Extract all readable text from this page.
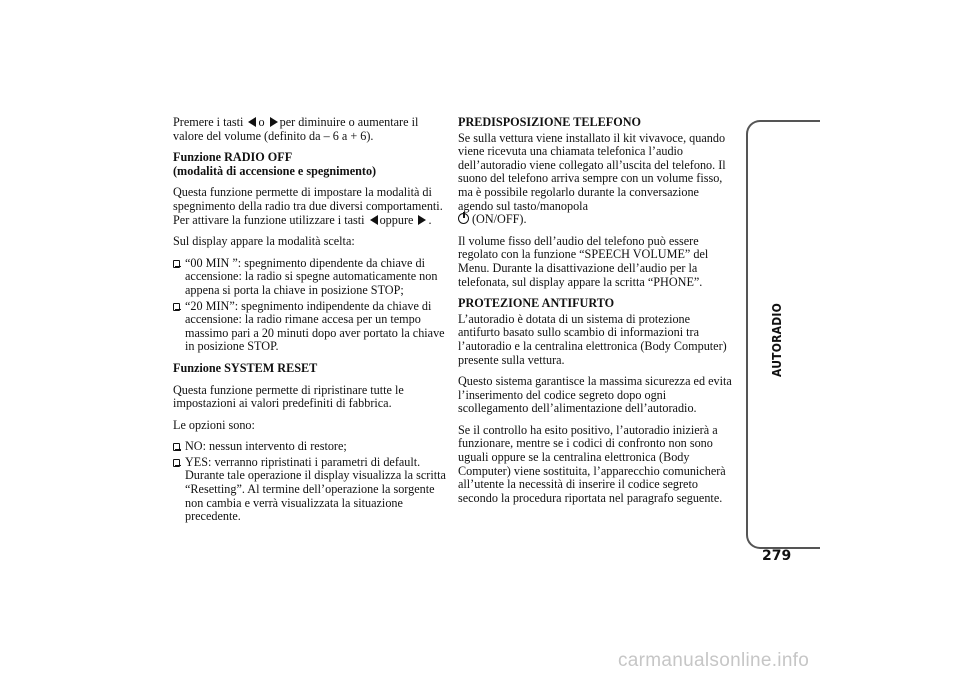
Premere i tasti o per diminuire o aumentare il valore del volume (definito da – 6 a + 6).

Funzione RADIO OFF
(modalità di accensione e spegnimento)

Questa funzione permette di impostare la modalità di spegnimento della radio tra due diversi comportamenti. Per attivare la funzione utilizzare i tasti oppure .

Sul display appare la modalità scelta:

“00 MIN ”: spegnimento dipendente da chiave di accensione: la radio si spegne automaticamente non appena si porta la chiave in posizione STOP;
“20 MIN”: spegnimento indipendente da chiave di accensione: la radio rimane accesa per un tempo massimo pari a 20 minuti dopo aver portato la chiave in posizione STOP.

Funzione SYSTEM RESET

Questa funzione permette di ripristinare tutte le impostazioni ai valori predefiniti di fabbrica.

Le opzioni sono:

NO: nessun intervento di restore;
YES: verranno ripristinati i parametri di default. Durante tale operazione il display visualizza la scritta “Resetting”. Al termine dell’operazione la sorgente non cambia e verrà visualizzata la situazione precedente.

PREDISPOSIZIONE TELEFONO

Se sulla vettura viene installato il kit vivavoce, quando viene ricevuta una chiamata telefonica l’audio dell’autoradio viene collegato all’uscita del telefono. Il suono del telefono arriva sempre con un volume fisso, ma è possibile regolarlo durante la conversazione agendo sul tasto/manopola
(ON/OFF).

Il volume fisso dell’audio del telefono può essere regolato con la funzione “SPEECH VOLUME” del Menu. Durante la disattivazione dell’audio per la telefonata, sul display appare la scritta “PHONE”.

PROTEZIONE ANTIFURTO

L’autoradio è dotata di un sistema di protezione antifurto basato sullo scambio di informazioni tra l’autoradio e la centralina elettronica (Body Computer) presente sulla vettura.

Questo sistema garantisce la massima sicurezza ed evita l’inserimento del codice segreto dopo ogni scollegamento dell’alimentazione dell’autoradio.

Se il controllo ha esito positivo, l’autoradio inizierà a funzionare, mentre se i codici di confronto non sono uguali oppure se la centralina elettronica (Body Computer) viene sostituita, l’apparecchio comunicherà all’utente la necessità di inserire il codice segreto secondo la procedura riportata nel paragrafo seguente.

AUTORADIO
279
carmanualsonline.info
